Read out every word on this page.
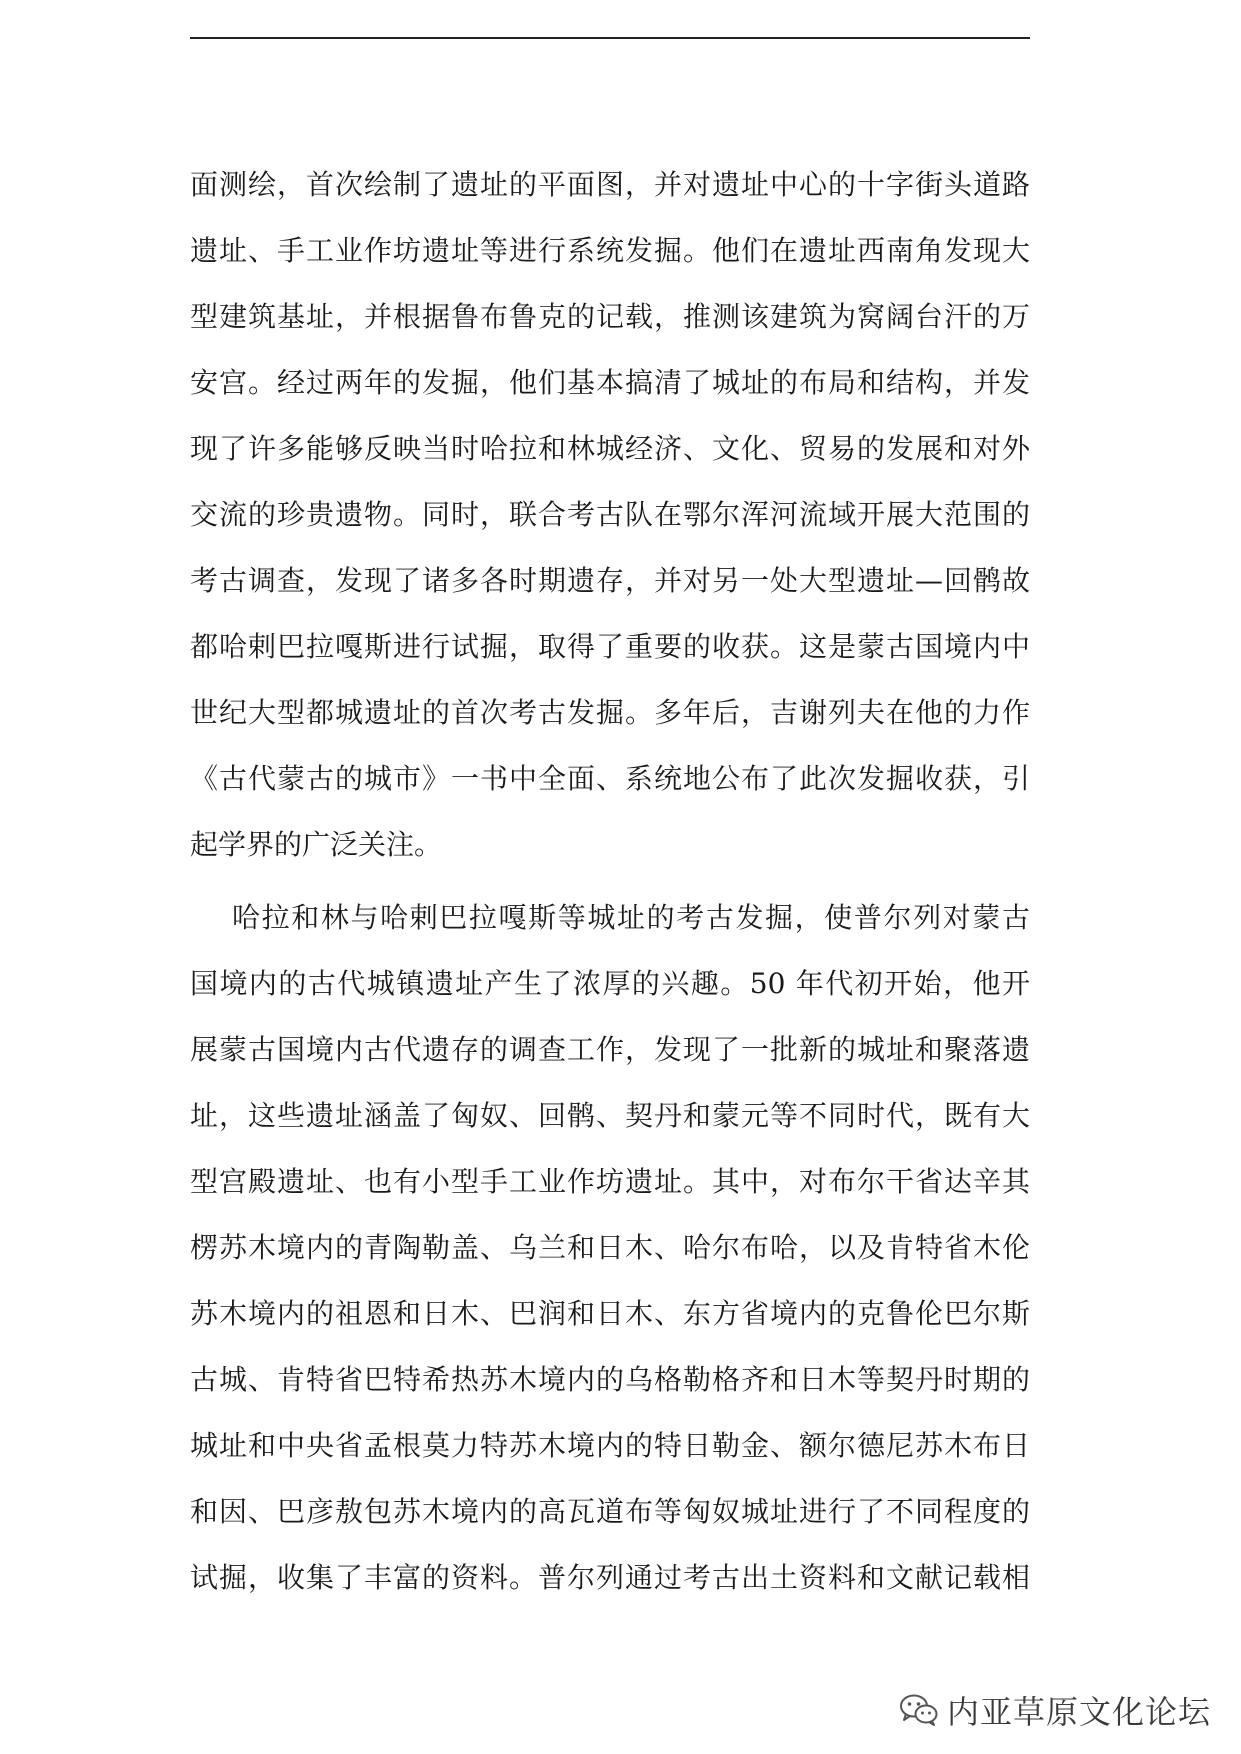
面测绘，首次绘制了遗址的平面图，并对遗址中心的十字街头道路
遗址、手工业作坊遗址等进行系统发掘。他们在遗址西南角发现大
型建筑基址，并根据鲁布鲁克的记载，推测该建筑为窝阔台汗的万
安宫。经过两年的发掘，他们基本搞清了城址的布局和结构，并发
现了许多能够反映当时哈拉和林城经济、文化、贸易的发展和对外
交流的珍贵遗物。同时，联合考古队在鄂尔浑河流域开展大范围的
考古调查，发现了诸多各时期遗存，并对另一处大型遗址—回鹘故
都哈剌巴拉嘎斯进行试掘，取得了重要的收获。这是蒙古国境内中
世纪大型都城遗址的首次考古发掘。多年后，吉谢列夫在他的力作
《古代蒙古的城市》一书中全面、系统地公布了此次发掘收获，引
起学界的广泛关注。
哈拉和林与哈剌巴拉嘎斯等城址的考古发掘，使普尔列对蒙古
国境内的古代城镇遗址产生了浓厚的兴趣。50 年代初开始，他开
展蒙古国境内古代遗存的调查工作，发现了一批新的城址和聚落遗
址，这些遗址涵盖了匈奴、回鹘、契丹和蒙元等不同时代，既有大
型宫殿遗址、也有小型手工业作坊遗址。其中，对布尔干省达辛其
楞苏木境内的青陶勒盖、乌兰和日木、哈尔布哈，以及肯特省木伦
苏木境内的祖恩和日木、巴润和日木、东方省境内的克鲁伦巴尔斯
古城、肯特省巴特希热苏木境内的乌格勒格齐和日木等契丹时期的
城址和中央省孟根莫力特苏木境内的特日勒金、额尔德尼苏木布日
和因、巴彦敖包苏木境内的高瓦道布等匈奴城址进行了不同程度的
试掘，收集了丰富的资料。普尔列通过考古出土资料和文献记载相
内亚草原文化论坛
